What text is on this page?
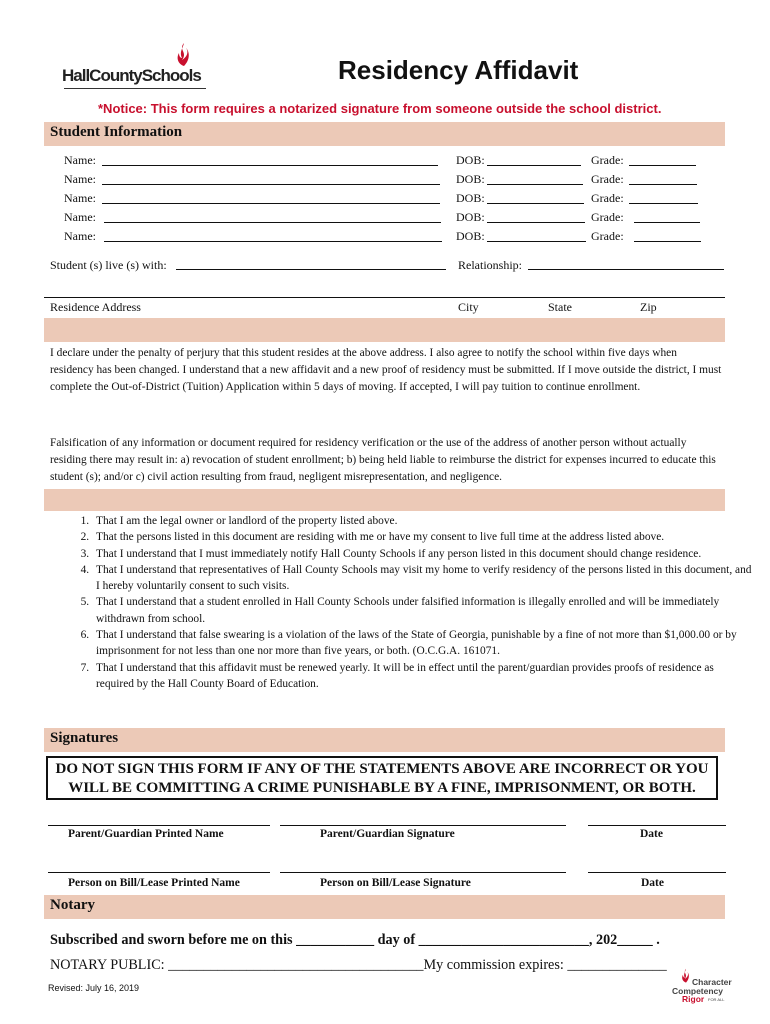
HallCountySchools	Residency Affidavit
*Notice: This form requires a notarized signature from someone outside the school district.
Student Information
Name:	DOB:	Grade:
Name:	DOB:	Grade:
Name:	DOB:	Grade:
Name:	DOB:	Grade:
Name:	DOB:	Grade:
Student (s) live (s) with:	Relationship:
Residence Address	City	State	Zip
I declare under the penalty of perjury that this student resides at the above address. I also agree to notify the school within five days when residency has been changed. I understand that a new affidavit and a new proof of residency must be submitted. If I move outside the district, I must complete the Out-of-District (Tuition) Application within 5 days of moving. If accepted, I will pay tuition to continue enrollment.
Falsification of any information or document required for residency verification or the use of the address of another person without actually residing there may result in: a) revocation of student enrollment; b) being held liable to reimburse the district for expenses incurred to educate this student (s); and/or c) civil action resulting from fraud, negligent misrepresentation, and negligence.
1. That I am the legal owner or landlord of the property listed above.
2. That the persons listed in this document are residing with me or have my consent to live full time at the address listed above.
3. That I understand that I must immediately notify Hall County Schools if any person listed in this document should change residence.
4. That I understand that representatives of Hall County Schools may visit my home to verify residency of the persons listed in this document, and I hereby voluntarily consent to such visits.
5. That I understand that a student enrolled in Hall County Schools under falsified information is illegally enrolled and will be immediately withdrawn from school.
6. That I understand that false swearing is a violation of the laws of the State of Georgia, punishable by a fine of not more than $1,000.00 or by imprisonment for not less than one nor more than five years, or both. (O.C.G.A. 161071.
7. That I understand that this affidavit must be renewed yearly. It will be in effect until the parent/guardian provides proofs of residence as required by the Hall County Board of Education.
Signatures
DO NOT SIGN THIS FORM IF ANY OF THE STATEMENTS ABOVE ARE INCORRECT OR YOU WILL BE COMMITTING A CRIME PUNISHABLE BY A FINE, IMPRISONMENT, OR BOTH.
Parent/Guardian Printed Name	Parent/Guardian Signature	Date
Person on Bill/Lease Printed Name	Person on Bill/Lease Signature	Date
Notary
Subscribed and sworn before me on this ___________ day of ________________________, 202_____ .
NOTARY PUBLIC: ____________________________________My commission expires: ______________
Revised: July 16, 2019
Character
Competency
Rigor FOR ALL
